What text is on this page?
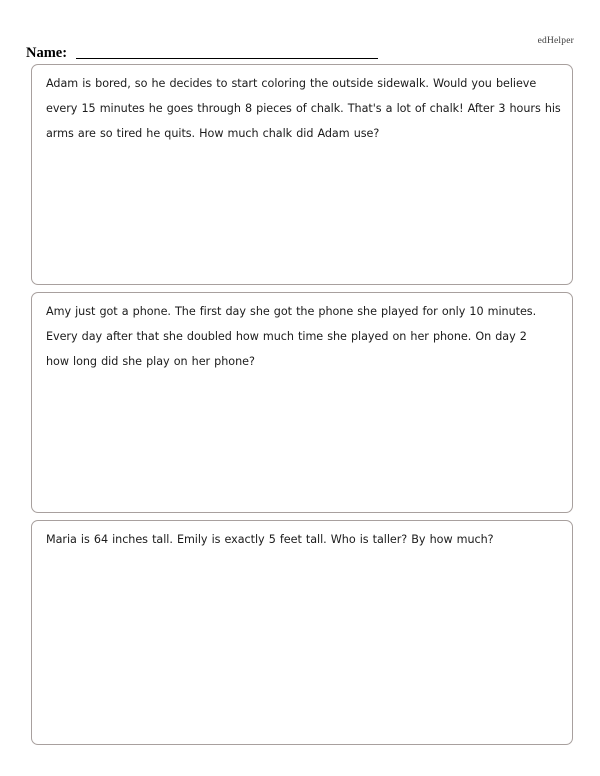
edHelper
Name:
Adam is bored, so he decides to start coloring the outside sidewalk. Would you believe
every 15 minutes he goes through 8 pieces of chalk. That's a lot of chalk! After 3 hours his
arms are so tired he quits. How much chalk did Adam use?
Amy just got a phone. The first day she got the phone she played for only 10 minutes.
Every day after that she doubled how much time she played on her phone. On day 2
how long did she play on her phone?
Maria is 64 inches tall. Emily is exactly 5 feet tall. Who is taller? By how much?
